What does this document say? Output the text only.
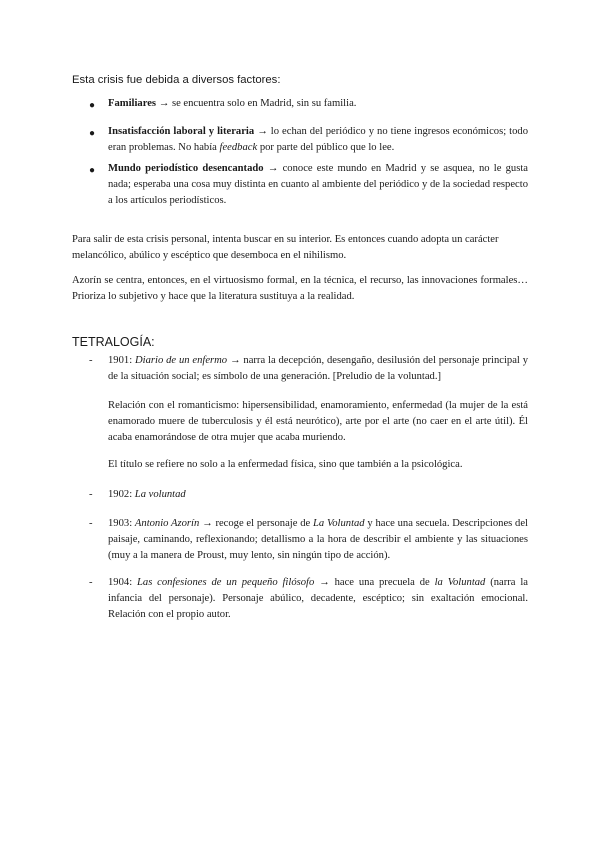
Esta crisis fue debida a diversos factores:

● Familiares → se encuentra solo en Madrid, sin su familia.

● Insatisfacción laboral y literaria → lo echan del periódico y no tiene ingresos económicos; todo eran problemas. No había feedback por parte del público que lo lee.

● Mundo periodístico desencantado → conoce este mundo en Madrid y se asquea, no le gusta nada; esperaba una cosa muy distinta en cuanto al ambiente del periódico y de la sociedad respecto a los artículos periodísticos.

Para salir de esta crisis personal, intenta buscar en su interior. Es entonces cuando adopta un carácter melancólico, abúlico y escéptico que desemboca en el nihilismo.

Azorín se centra, entonces, en el virtuosismo formal, en la técnica, el recurso, las innovaciones formales… Prioriza lo subjetivo y hace que la literatura sustituya a la realidad.

TETRALOGÍA:
- 1901: Diario de un enfermo → narra la decepción, desengaño, desilusión del personaje principal y de la situación social; es símbolo de una generación. [Preludio de la voluntad.]

Relación con el romanticismo: hipersensibilidad, enamoramiento, enfermedad (la mujer de la está enamorado muere de tuberculosis y él está neurótico), arte por el arte (no caer en el arte útil). Él acaba enamorándose de otra mujer que acaba muriendo.

El título se refiere no solo a la enfermedad física, sino que también a la psicológica.

- 1902: La voluntad

- 1903: Antonio Azorín → recoge el personaje de La Voluntad y hace una secuela. Descripciones del paisaje, caminando, reflexionando; detallismo a la hora de describir el ambiente y las situaciones (muy a la manera de Proust, muy lento, sin ningún tipo de acción).

- 1904: Las confesiones de un pequeño filósofo → hace una precuela de la Voluntad (narra la infancia del personaje). Personaje abúlico, decadente, escéptico; sin exaltación emocional. Relación con el propio autor.
